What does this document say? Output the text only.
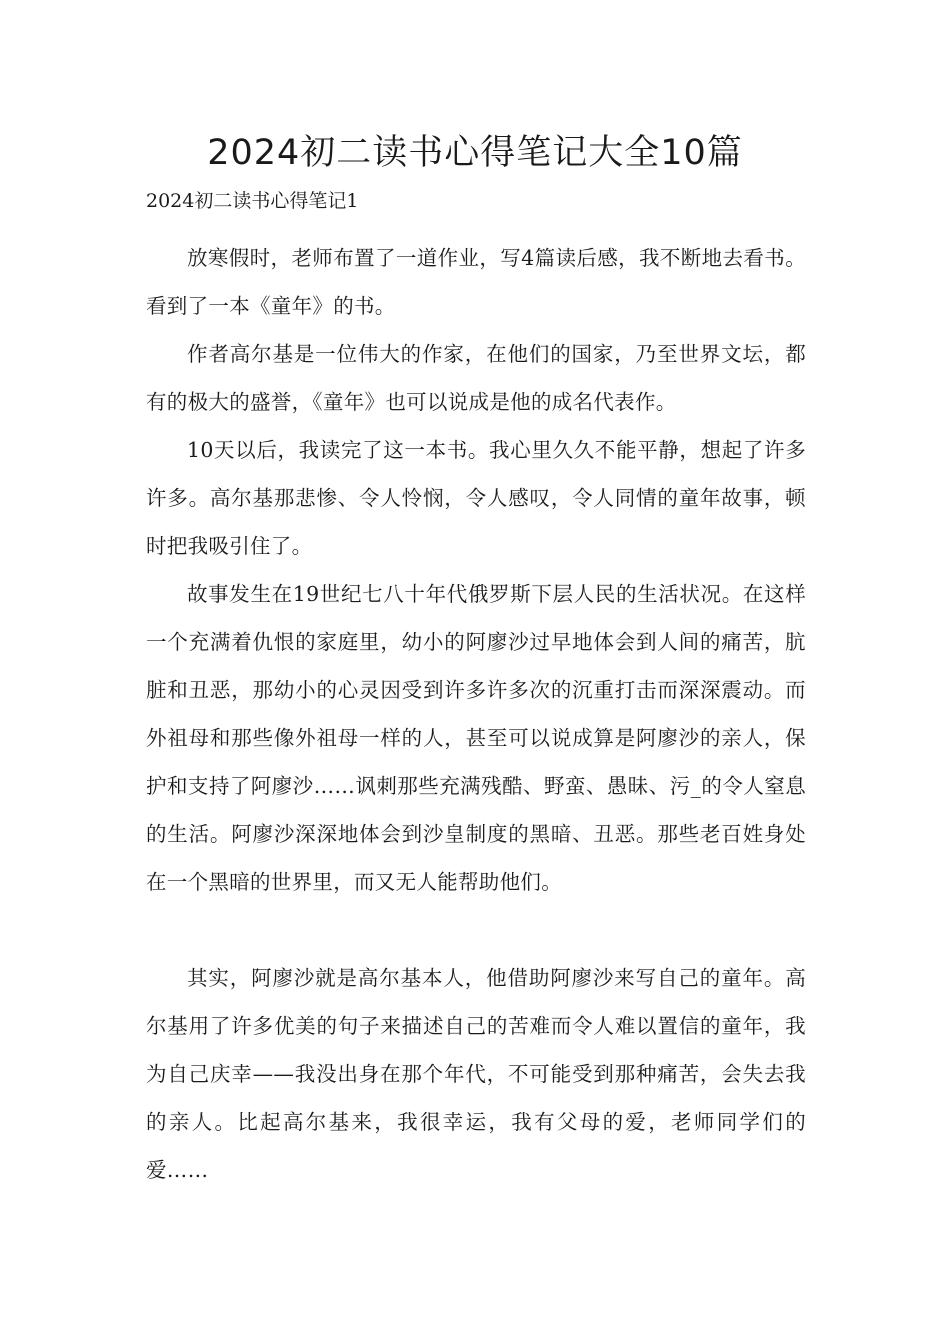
2024初二读书心得笔记大全10篇

2024初二读书心得笔记1

放寒假时，老师布置了一道作业，写4篇读后感，我不断地去看书。看到了一本《童年》的书。

作者高尔基是一位伟大的作家，在他们的国家，乃至世界文坛，都有的极大的盛誉，《童年》也可以说成是他的成名代表作。

10天以后，我读完了这一本书。我心里久久不能平静，想起了许多许多。高尔基那悲惨、令人怜悯，令人感叹，令人同情的童年故事，顿时把我吸引住了。

故事发生在19世纪七八十年代俄罗斯下层人民的生活状况。在这样一个充满着仇恨的家庭里，幼小的阿廖沙过早地体会到人间的痛苦，肮脏和丑恶，那幼小的心灵因受到许多许多次的沉重打击而深深震动。而外祖母和那些像外祖母一样的人，甚至可以说成算是阿廖沙的亲人，保护和支持了阿廖沙……讽刺那些充满残酷、野蛮、愚昧、污_的令人窒息的生活。阿廖沙深深地体会到沙皇制度的黑暗、丑恶。那些老百姓身处在一个黑暗的世界里，而又无人能帮助他们。

其实，阿廖沙就是高尔基本人，他借助阿廖沙来写自己的童年。高尔基用了许多优美的句子来描述自己的苦难而令人难以置信的童年，我为自己庆幸——我没出身在那个年代，不可能受到那种痛苦，会失去我的亲人。比起高尔基来，我很幸运，我有父母的爱，老师同学们的爱……
